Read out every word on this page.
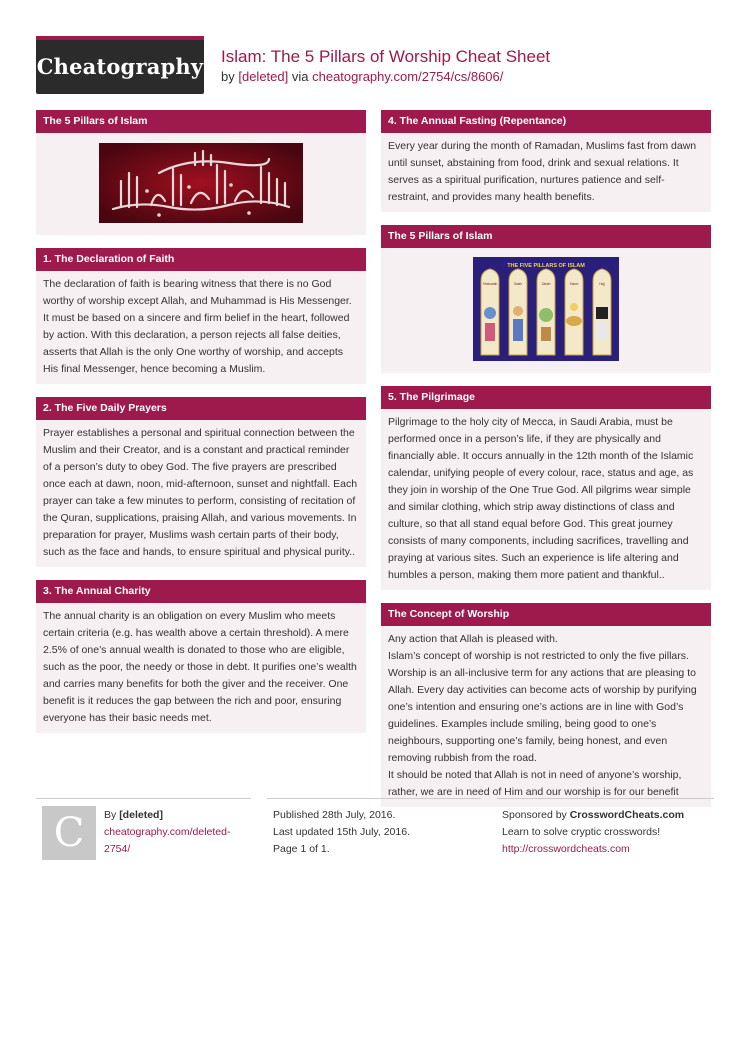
Cheatography Islam: The 5 Pillars of Worship Cheat Sheet
by [deleted] via cheatography.com/2754/cs/8606/
The 5 Pillars of Islam
1. The Declaration of Faith

The declaration of faith is bearing witness that there is no God worthy of worship except Allah, and Muhammad is His Messenger. It must be based on a sincere and firm belief in the heart, followed by action. With this declaration, a person rejects all false deities, asserts that Allah is the only One worthy of worship, and accepts His final Messenger, hence becoming a Muslim.

2. The Five Daily Prayers

Prayer establishes a personal and spiritual connection between the Muslim and their Creator, and is a constant and practical reminder of a person’s duty to obey God. The five prayers are prescribed once each at dawn, noon, mid-afternoon, sunset and nightfall. Each prayer can take a few minutes to perform, consisting of recitation of the Quran, supplications, praising Allah, and various movements. In preparation for prayer, Muslims wash certain parts of their body, such as the face and hands, to ensure spiritual and physical purity..

3. The Annual Charity

The annual charity is an obligation on every Muslim who meets certain criteria (e.g. has wealth above a certain threshold). A mere 2.5% of one’s annual wealth is donated to those who are eligible, such as the poor, the needy or those in debt. It purifies one’s wealth and carries many benefits for both the giver and the receiver. One benefit is it reduces the gap between the rich and poor, ensuring everyone has their basic needs met.

4. The Annual Fasting (Repentance)

Every year during the month of Ramadan, Muslims fast from dawn until sunset, abstaining from food, drink and sexual relations. It serves as a spiritual purification, nurtures patience and self-restraint, and provides many health benefits.

The 5 Pillars of Islam
THE FIVE PILLARS OF ISLAM
Shahadah	Salah	Zakah	Sawm	Hajj
5. The Pilgrimage

Pilgrimage to the holy city of Mecca, in Saudi Arabia, must be performed once in a person’s life, if they are physically and financially able. It occurs annually in the 12th month of the Islamic calendar, unifying people of every colour, race, status and age, as they join in worship of the One True God. All pilgrims wear simple and similar clothing, which strip away distinctions of class and culture, so that all stand equal before God. This great journey consists of many components, including sacrifices, travelling and praying at various sites. Such an experience is life altering and humbles a person, making them more patient and thankful..

The Concept of Worship

Any action that Allah is pleased with.

Islam’s concept of worship is not restricted to only the five pillars. Worship is an all-inclusive term for any actions that are pleasing to Allah. Every day activities can become acts of worship by purifying one’s intention and ensuring one’s actions are in line with God’s guidelines. Examples include smiling, being good to one’s neighbours, supporting one’s family, being honest, and even removing rubbish from the road.

It should be noted that Allah is not in need of anyone’s worship, rather, we are in need of Him and our worship is for our benefit

C	By [deleted]
cheatography.com/deleted-2754/
Published 28th July, 2016.
Last updated 15th July, 2016.
Page 1 of 1.
Sponsored by CrosswordCheats.com
Learn to solve cryptic crosswords!
http://crosswordcheats.com
